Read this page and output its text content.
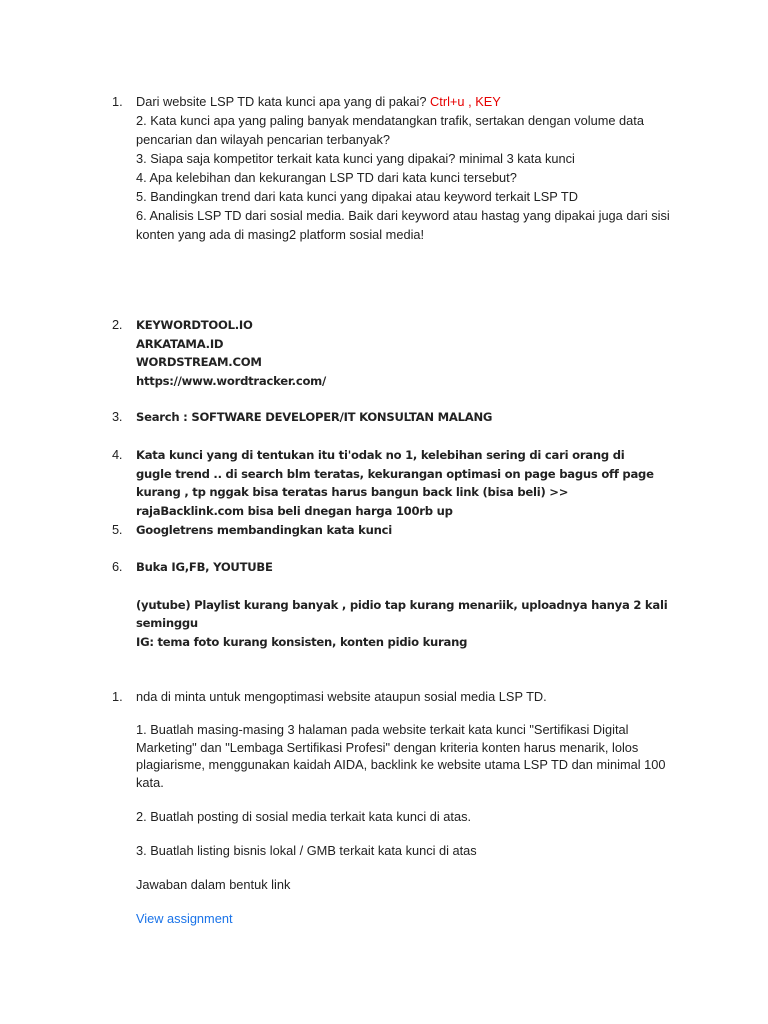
1. Dari website LSP TD kata kunci apa yang di pakai? Ctrl+u , KEY

2. Kata kunci apa yang paling banyak mendatangkan trafik, sertakan dengan volume data pencarian dan wilayah pencarian terbanyak?

3. Siapa saja kompetitor terkait kata kunci yang dipakai? minimal 3 kata kunci

4. Apa kelebihan dan kekurangan LSP TD dari kata kunci tersebut?

5. Bandingkan trend dari kata kunci yang dipakai atau keyword terkait LSP TD

6. Analisis LSP TD dari sosial media. Baik dari keyword atau hastag yang dipakai juga dari sisi konten yang ada di masing2 platform sosial media!

2. KEYWORDTOOL.IO

ARKATAMA.ID

WORDSTREAM.COM

https://www.wordtracker.com/

3. Search : SOFTWARE DEVELOPER/IT KONSULTAN MALANG
4. Kata kunci yang di tentukan itu ti'odak no 1, kelebihan sering di cari orang di gugle trend .. di search blm teratas, kekurangan optimasi on page bagus off page kurang , tp nggak bisa teratas harus bangun back link (bisa beli) >> rajaBacklink.com bisa beli dnegan harga 100rb up
5. Googletrens membandingkan kata kunci
6. Buka IG,FB, YOUTUBE

(yutube) Playlist kurang banyak , pidio tap kurang menariik, uploadnya hanya 2 kali seminggu

IG: tema foto kurang konsisten, konten pidio kurang

1. nda di minta untuk mengoptimasi website ataupun sosial media LSP TD.

1. Buatlah masing-masing 3 halaman pada website terkait kata kunci "Sertifikasi Digital Marketing" dan "Lembaga Sertifikasi Profesi" dengan kriteria konten harus menarik, lolos plagiarisme, menggunakan kaidah AIDA, backlink ke website utama LSP TD dan minimal 100 kata.

2. Buatlah posting di sosial media terkait kata kunci di atas.

3. Buatlah listing bisnis lokal / GMB terkait kata kunci di atas

Jawaban dalam bentuk link

View assignment
